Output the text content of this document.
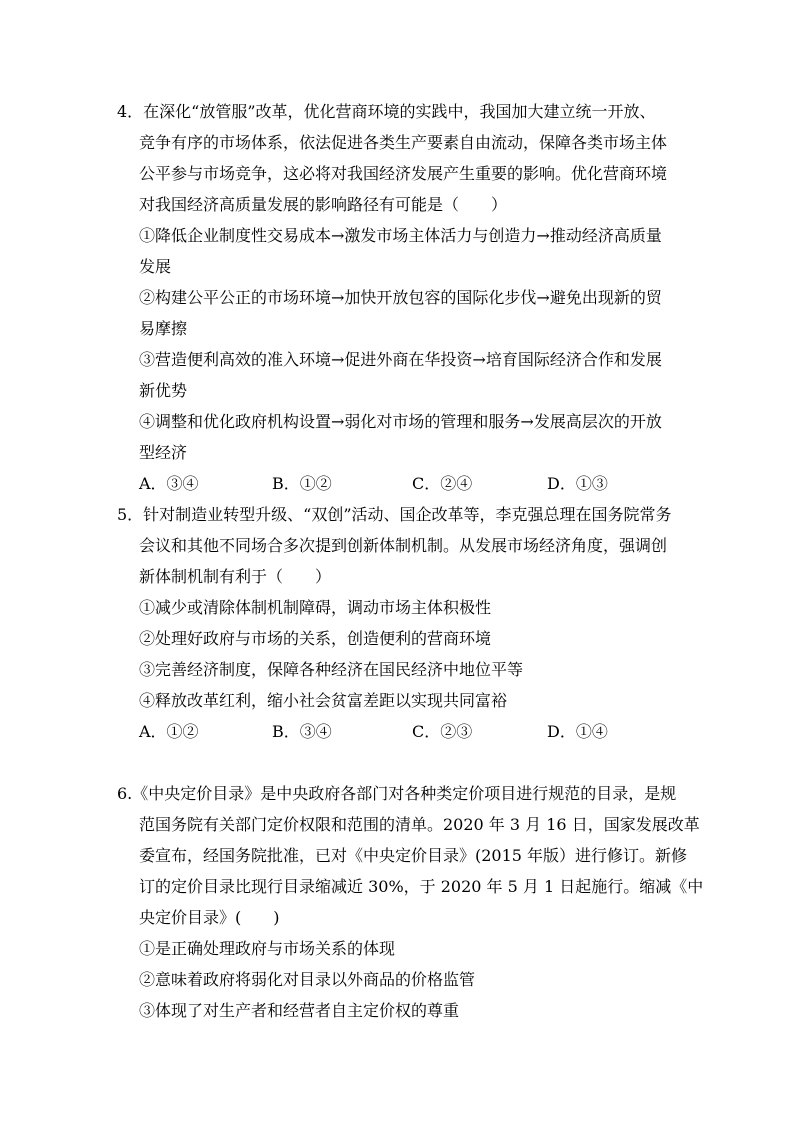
4．在深化“放管服”改革，优化营商环境的实践中，我国加大建立统一开放、
竞争有序的市场体系，依法促进各类生产要素自由流动，保障各类市场主体
公平参与市场竞争，这必将对我国经济发展产生重要的影响。优化营商环境
对我国经济高质量发展的影响路径有可能是（　　）
①降低企业制度性交易成本→激发市场主体活力与创造力→推动经济高质量
发展
②构建公平公正的市场环境→加快开放包容的国际化步伐→避免出现新的贸
易摩擦
③营造便利高效的准入环境→促进外商在华投资→培育国际经济合作和发展
新优势
④调整和优化政府机构设置→弱化对市场的管理和服务→发展高层次的开放
型经济
A．③④	B．①②	C．②④	D．①③
5．针对制造业转型升级、“双创”活动、国企改革等，李克强总理在国务院常务
会议和其他不同场合多次提到创新体制机制。从发展市场经济角度，强调创
新体制机制有利于（　　）
①减少或清除体制机制障碍，调动市场主体积极性
②处理好政府与市场的关系，创造便利的营商环境
③完善经济制度，保障各种经济在国民经济中地位平等
④释放改革红利，缩小社会贫富差距以实现共同富裕
A．①②	B．③④	C．②③	D．①④
6.《中央定价目录》是中央政府各部门对各种类定价项目进行规范的目录，是规
范国务院有关部门定价权限和范围的清单。2020 年 3 月 16 日，国家发展改革
委宣布，经国务院批准，已对《中央定价目录》(2015 年版）进行修订。新修
订的定价目录比现行目录缩减近 30%，于 2020 年 5 月 1 日起施行。缩减《中
央定价目录》(　　)
①是正确处理政府与市场关系的体现
②意味着政府将弱化对目录以外商品的价格监管
③体现了对生产者和经营者自主定价权的尊重
